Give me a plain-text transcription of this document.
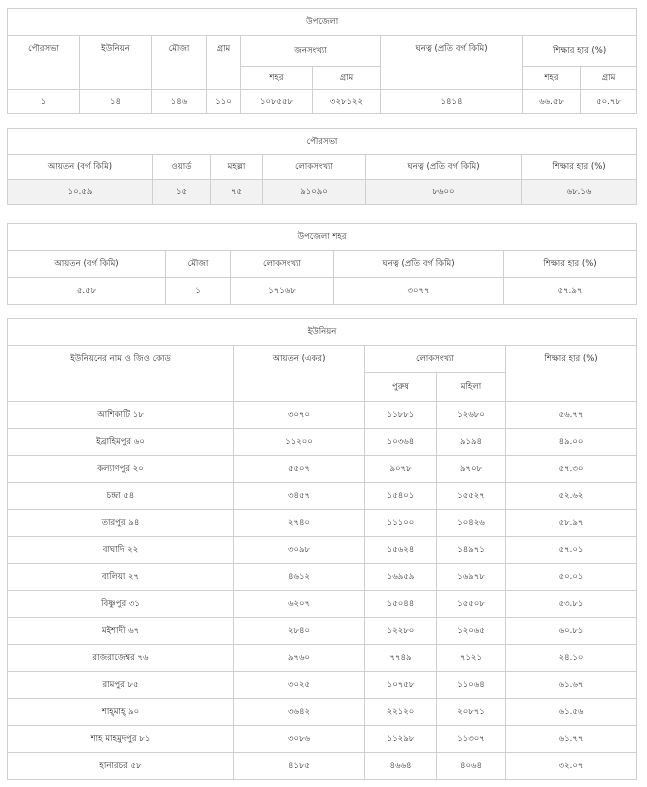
উপজেলা								
পৌরসভা	ইউনিয়ন	মৌজা	গ্রাম	জনসংখ্যা		ঘনত্ব (প্রতি বর্গ কিমি)	শিক্ষার হার (%)	
				শহর	গ্রাম		শহর	গ্রাম
১	১৪	১৪৬	১১০	১০৮৫৫৮	৩২৮১২২	১৪১৪	৬৬.৫৮	৫০.৭৮
পৌরসভা					
আয়তন (বর্গ কিমি)	ওয়ার্ড	মহল্লা	লোকসংখ্যা	ঘনত্ব (প্রতি বর্গ কিমি)	শিক্ষার হার (%)
১০.৫৯	১৫	৭৫	৯১০৯০	৮৬০০	৬৮.১৬
উপজেলা শহর				
আয়তন (বর্গ কিমি)	মৌজা	লোকসংখ্যা	ঘনত্ব (প্রতি বর্গ কিমি)	শিক্ষার হার (%)
৫.৫৮	১	১৭১৬৮	৩০৭৭	৫৭.৯৭
ইউনিয়ন				
ইউনিয়নের নাম ও জিও কোড	আয়তন (একর)	লোকসংখ্যা		শিক্ষার হার (%)
		পুরুষ	মহিলা	
আশিকাটি ১৮	৩০৭০	১১৮৮১	১২৬৮০	৫৬.৭৭
ইব্রাহিমপুর ৬০	১১২০০	১০৩৬৪	৯১৯৪	৪৯.০০
কল্যাণপুর ২০	৫৫০৭	৯০৭৮	৯৭০৮	৫৭.৩০
চন্দ্রা ৫৪	৩৪৫৭	১৫৪০১	১৫৫২৭	৫২.৬২
তারপুর ৯৪	২৭৪০	১১১০০	১০৪২৬	৫৮.৯৭
বাঘাদি ২২	৩০৯৮	১৫৬২৪	১৪৯৭১	৫৭.০১
বালিয়া ২৭	৪৬১২	১৬৯৫৯	১৬৯৭৮	৫০.০১
বিষ্ণুপুর ৩১	৬২০৭	১৫০৪৪	১৫৫০৮	৫৩.৮১
মইশাদী ৬৭	২৮৪০	১২২৮০	১২০৬৫	৬০.৮১
রাজরাজেশ্বর ৭৬	৯৭৬০	৭৭৪৯	৭১২১	২৪.১০
রামপুর ৮৫	৩০২৫	১০৭৫৮	১১০৬৪	৬১.৬৭
শাহ্‌মাহ্‌ ৯০	৩৬৪২	২২১২০	২০৮৭১	৬১.৫৬
শাহ মাহমুদপুর ৮১	৩০৮৬	১১২৯৮	১১৩০৭	৬১.৭৭
হানারচর ৫৮	৪১৮৫	৪৬৬৪	৪০৬৪	৩২.০৭
